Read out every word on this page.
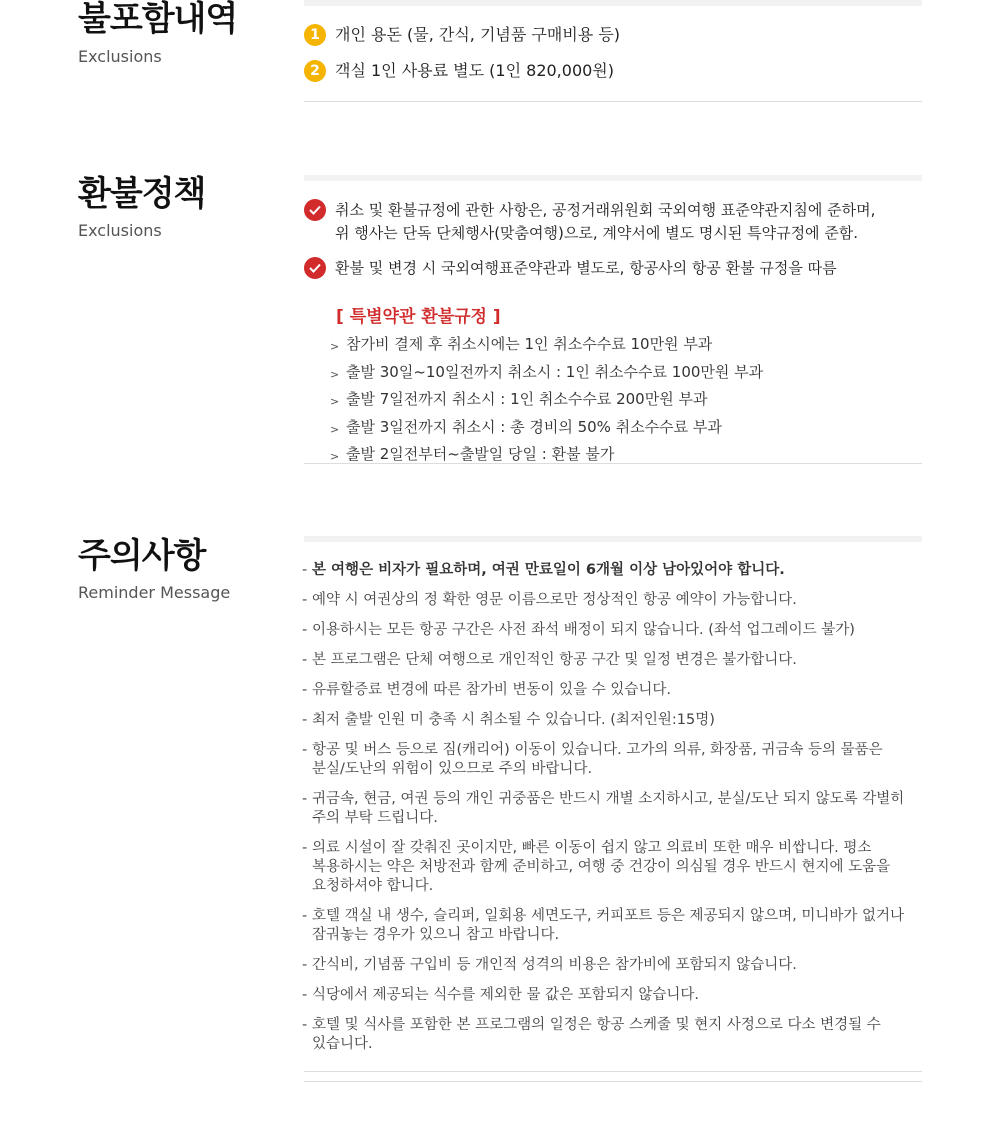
불포함내역
Exclusions
1 개인 용돈 (물, 간식, 기념품 구매비용 등)
2 객실 1인 사용료 별도 (1인 820,000원)
환불정책
Exclusions
취소 및 환불규정에 관한 사항은, 공정거래위원회 국외여행 표준약관지침에 준하며,
위 행사는 단독 단체행사(맞춤여행)으로, 계약서에 별도 명시된 특약규정에 준함.
환불 및 변경 시 국외여행표준약관과 별도로, 항공사의 항공 환불 규정을 따름
[ 특별약관 환불규정 ]
> 참가비 결제 후 취소시에는 1인 취소수수료 10만원 부과
> 출발 30일~10일전까지 취소시 : 1인 취소수수료 100만원 부과
> 출발 7일전까지 취소시 : 1인 취소수수료 200만원 부과
> 출발 3일전까지 취소시 : 총 경비의 50% 취소수수료 부과
> 출발 2일전부터~출발일 당일 : 환불 불가
주의사항
Reminder Message
- 본 여행은 비자가 필요하며, 여권 만료일이 6개월 이상 남아있어야 합니다.
- 예약 시 여권상의 정 확한 영문 이름으로만 정상적인 항공 예약이 가능합니다.
- 이용하시는 모든 항공 구간은 사전 좌석 배정이 되지 않습니다. (좌석 업그레이드 불가)
- 본 프로그램은 단체 여행으로 개인적인 항공 구간 및 일정 변경은 불가합니다.
- 유류할증료 변경에 따른 참가비 변동이 있을 수 있습니다.
- 최저 출발 인원 미 충족 시 취소될 수 있습니다. (최저인원:15명)
- 항공 및 버스 등으로 짐(캐리어) 이동이 있습니다. 고가의 의류, 화장품, 귀금속 등의 물품은
분실/도난의 위험이 있으므로 주의 바랍니다.
- 귀금속, 현금, 여권 등의 개인 귀중품은 반드시 개별 소지하시고, 분실/도난 되지 않도록 각별히
주의 부탁 드립니다.
- 의료 시설이 잘 갖춰진 곳이지만, 빠른 이동이 쉽지 않고 의료비 또한 매우 비쌉니다. 평소
복용하시는 약은 처방전과 함께 준비하고, 여행 중 건강이 의심될 경우 반드시 현지에 도움을
요청하셔야 합니다.
- 호텔 객실 내 생수, 슬리퍼, 일회용 세면도구, 커피포트 등은 제공되지 않으며, 미니바가 없거나
잠궈놓는 경우가 있으니 참고 바랍니다.
- 간식비, 기념품 구입비 등 개인적 성격의 비용은 참가비에 포함되지 않습니다.
- 식당에서 제공되는 식수를 제외한 물 값은 포함되지 않습니다.
- 호텔 및 식사를 포함한 본 프로그램의 일정은 항공 스케줄 및 현지 사정으로 다소 변경될 수
있습니다.
